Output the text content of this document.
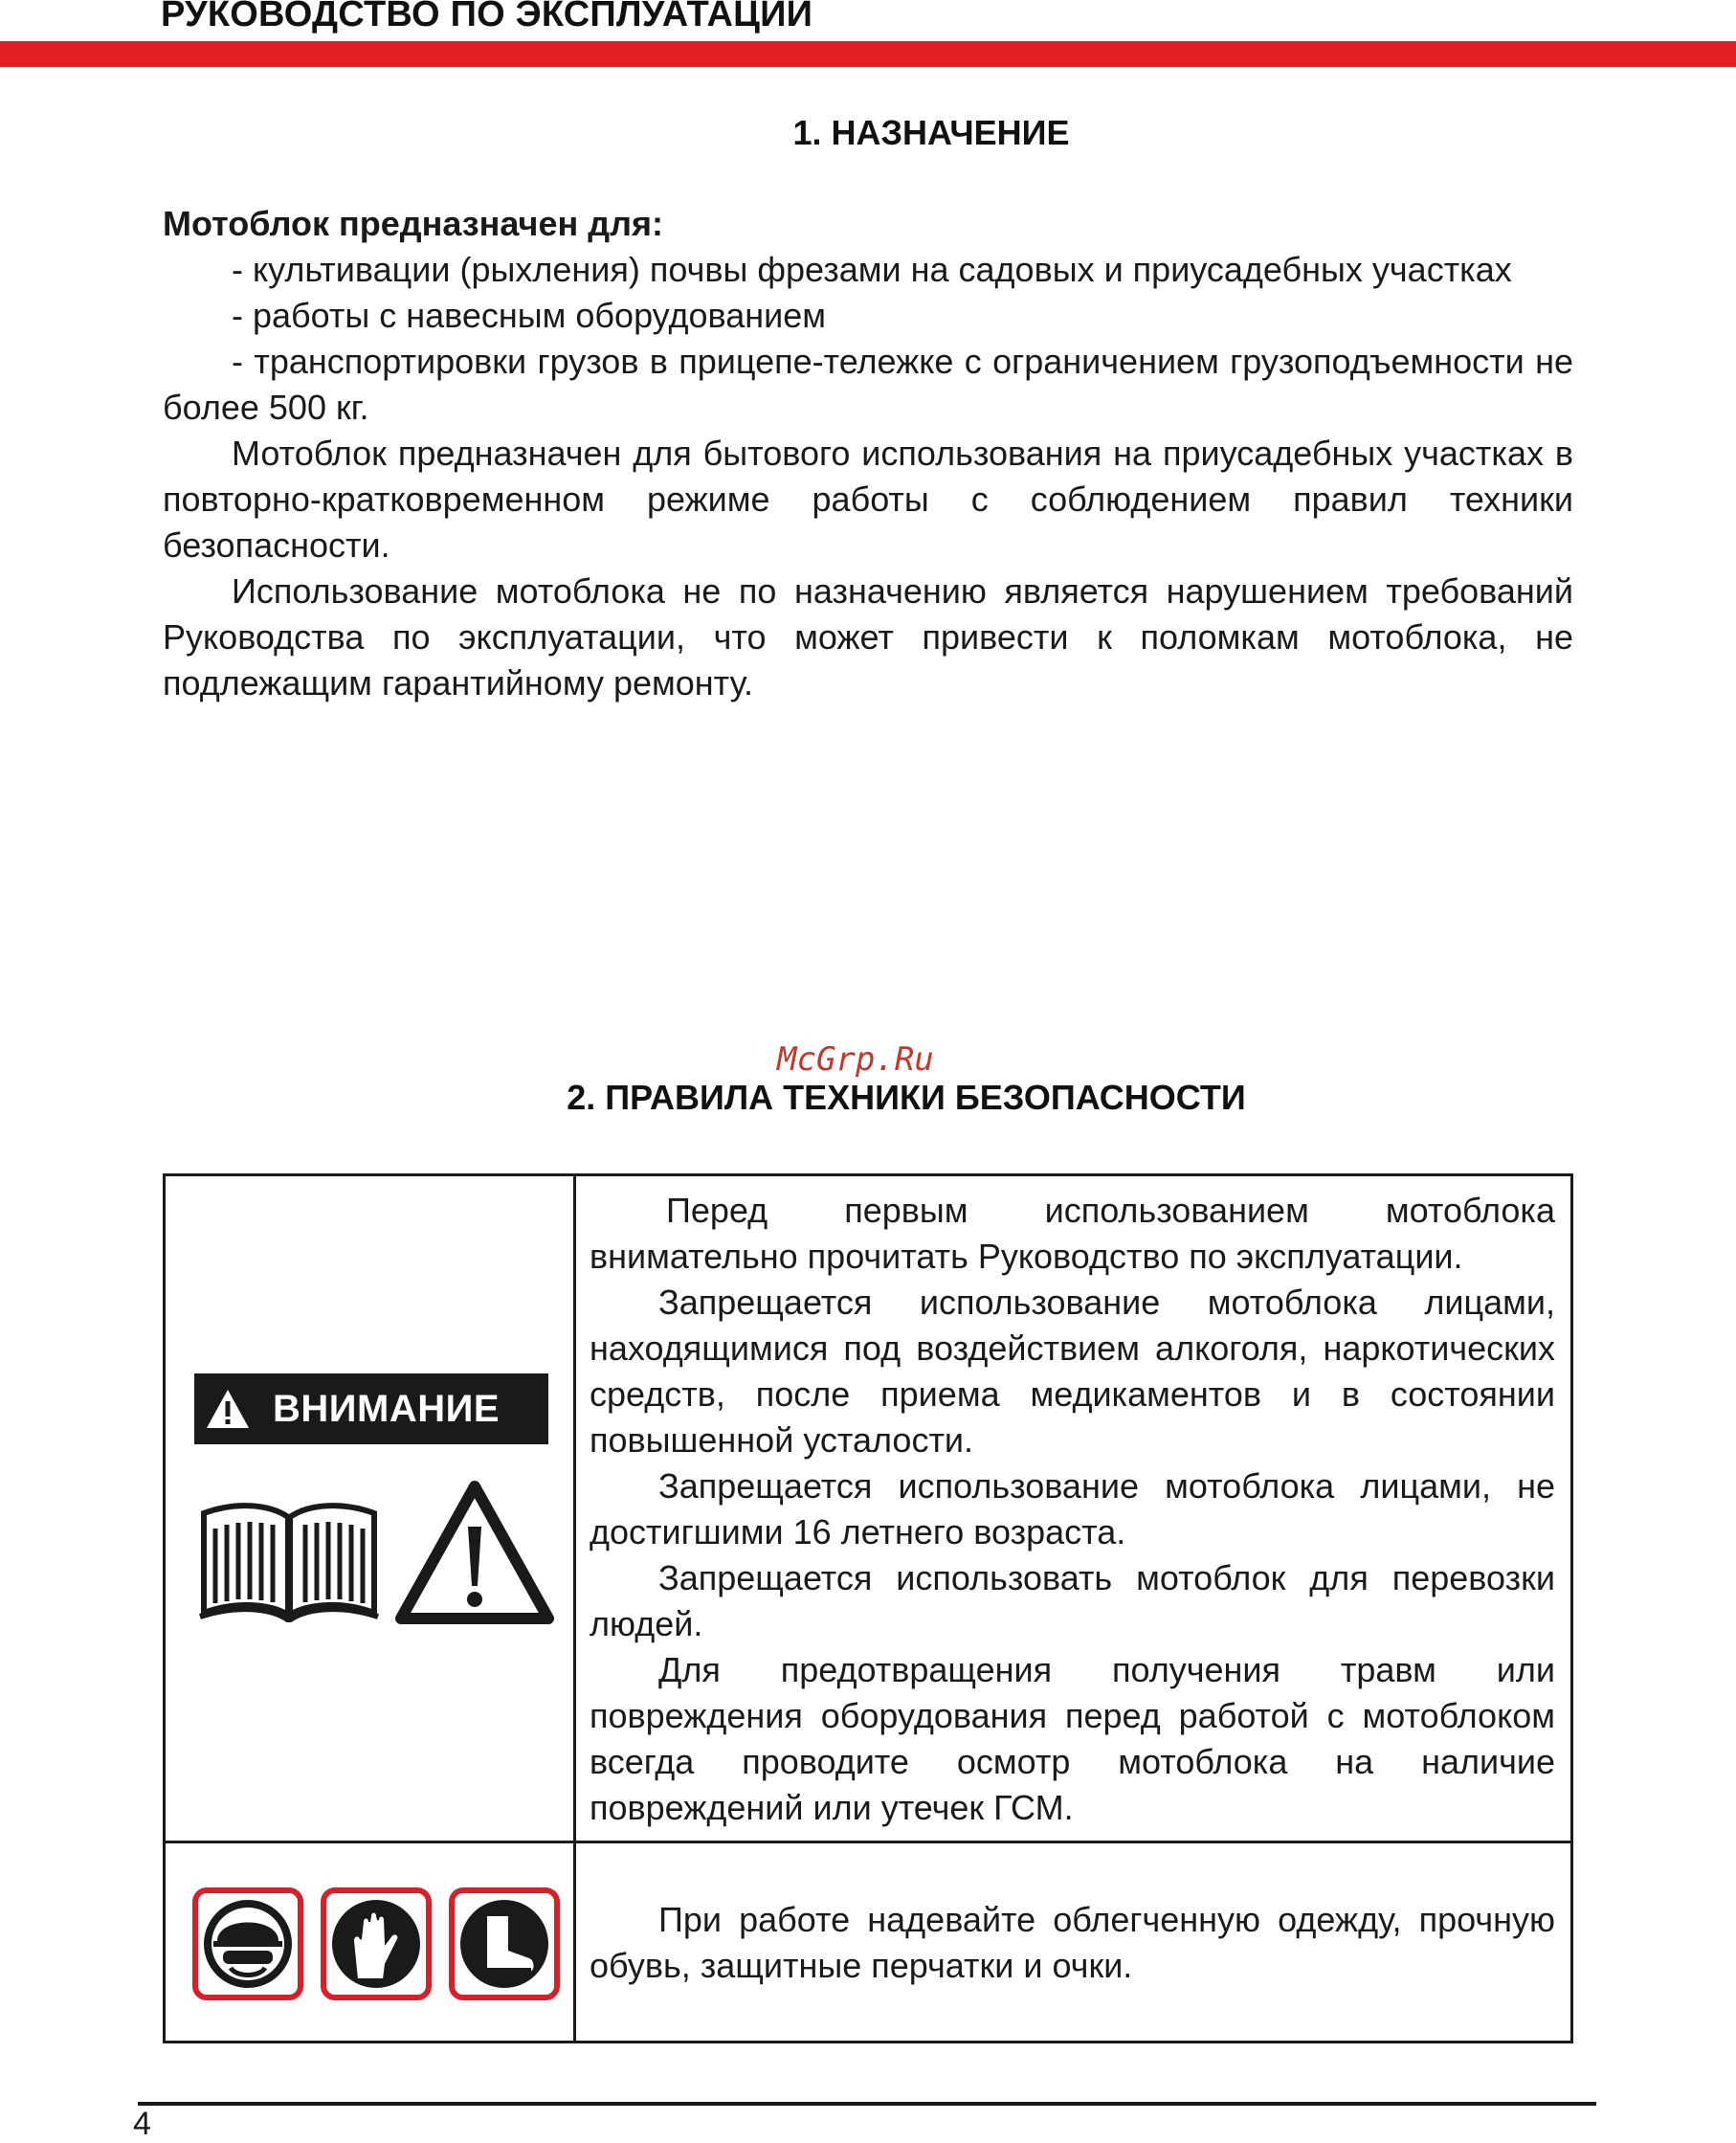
РУКОВОДСТВО ПО ЭКСПЛУАТАЦИИ
1. НАЗНАЧЕНИЕ

Мотоблок предназначен для:

- культивации (рыхления) почвы фрезами на садовых и приусадебных участках

- работы с навесным оборудованием

- транспортировки грузов в прицепе-тележке с ограничением грузоподъемности не более 500 кг.

Мотоблок предназначен для бытового использования на приусадебных участках в повторно-кратковременном режиме работы с соблюдением правил техники безопасности.

Использование мотоблока не по назначению является нарушением требований Руководства по эксплуатации, что может привести к поломкам мотоблока, не подлежащим гарантийному ремонту.

McGrp.Ru
2. ПРАВИЛА ТЕХНИКИ БЕЗОПАСНОСТИ
ВНИМАНИЕ	Перед первым использованием мотоблока внимательно прочитать Руководство по эксплуатации.

Запрещается использование мотоблока лицами, находящимися под воздействием алкоголя, наркотических средств, после приема медикаментов и в состоянии повышенной усталости.

Запрещается использование мотоблока лицами, не достигшими 16 летнего возраста.

Запрещается использовать мотоблок для перевозки людей.

Для предотвращения получения травм или повреждения оборудования перед работой с мотоблоком всегда проводите осмотр мотоблока на наличие повреждений или утечек ГСМ.

При работе надевайте облегченную одежду, прочную обувь, защитные перчатки и очки.

4
